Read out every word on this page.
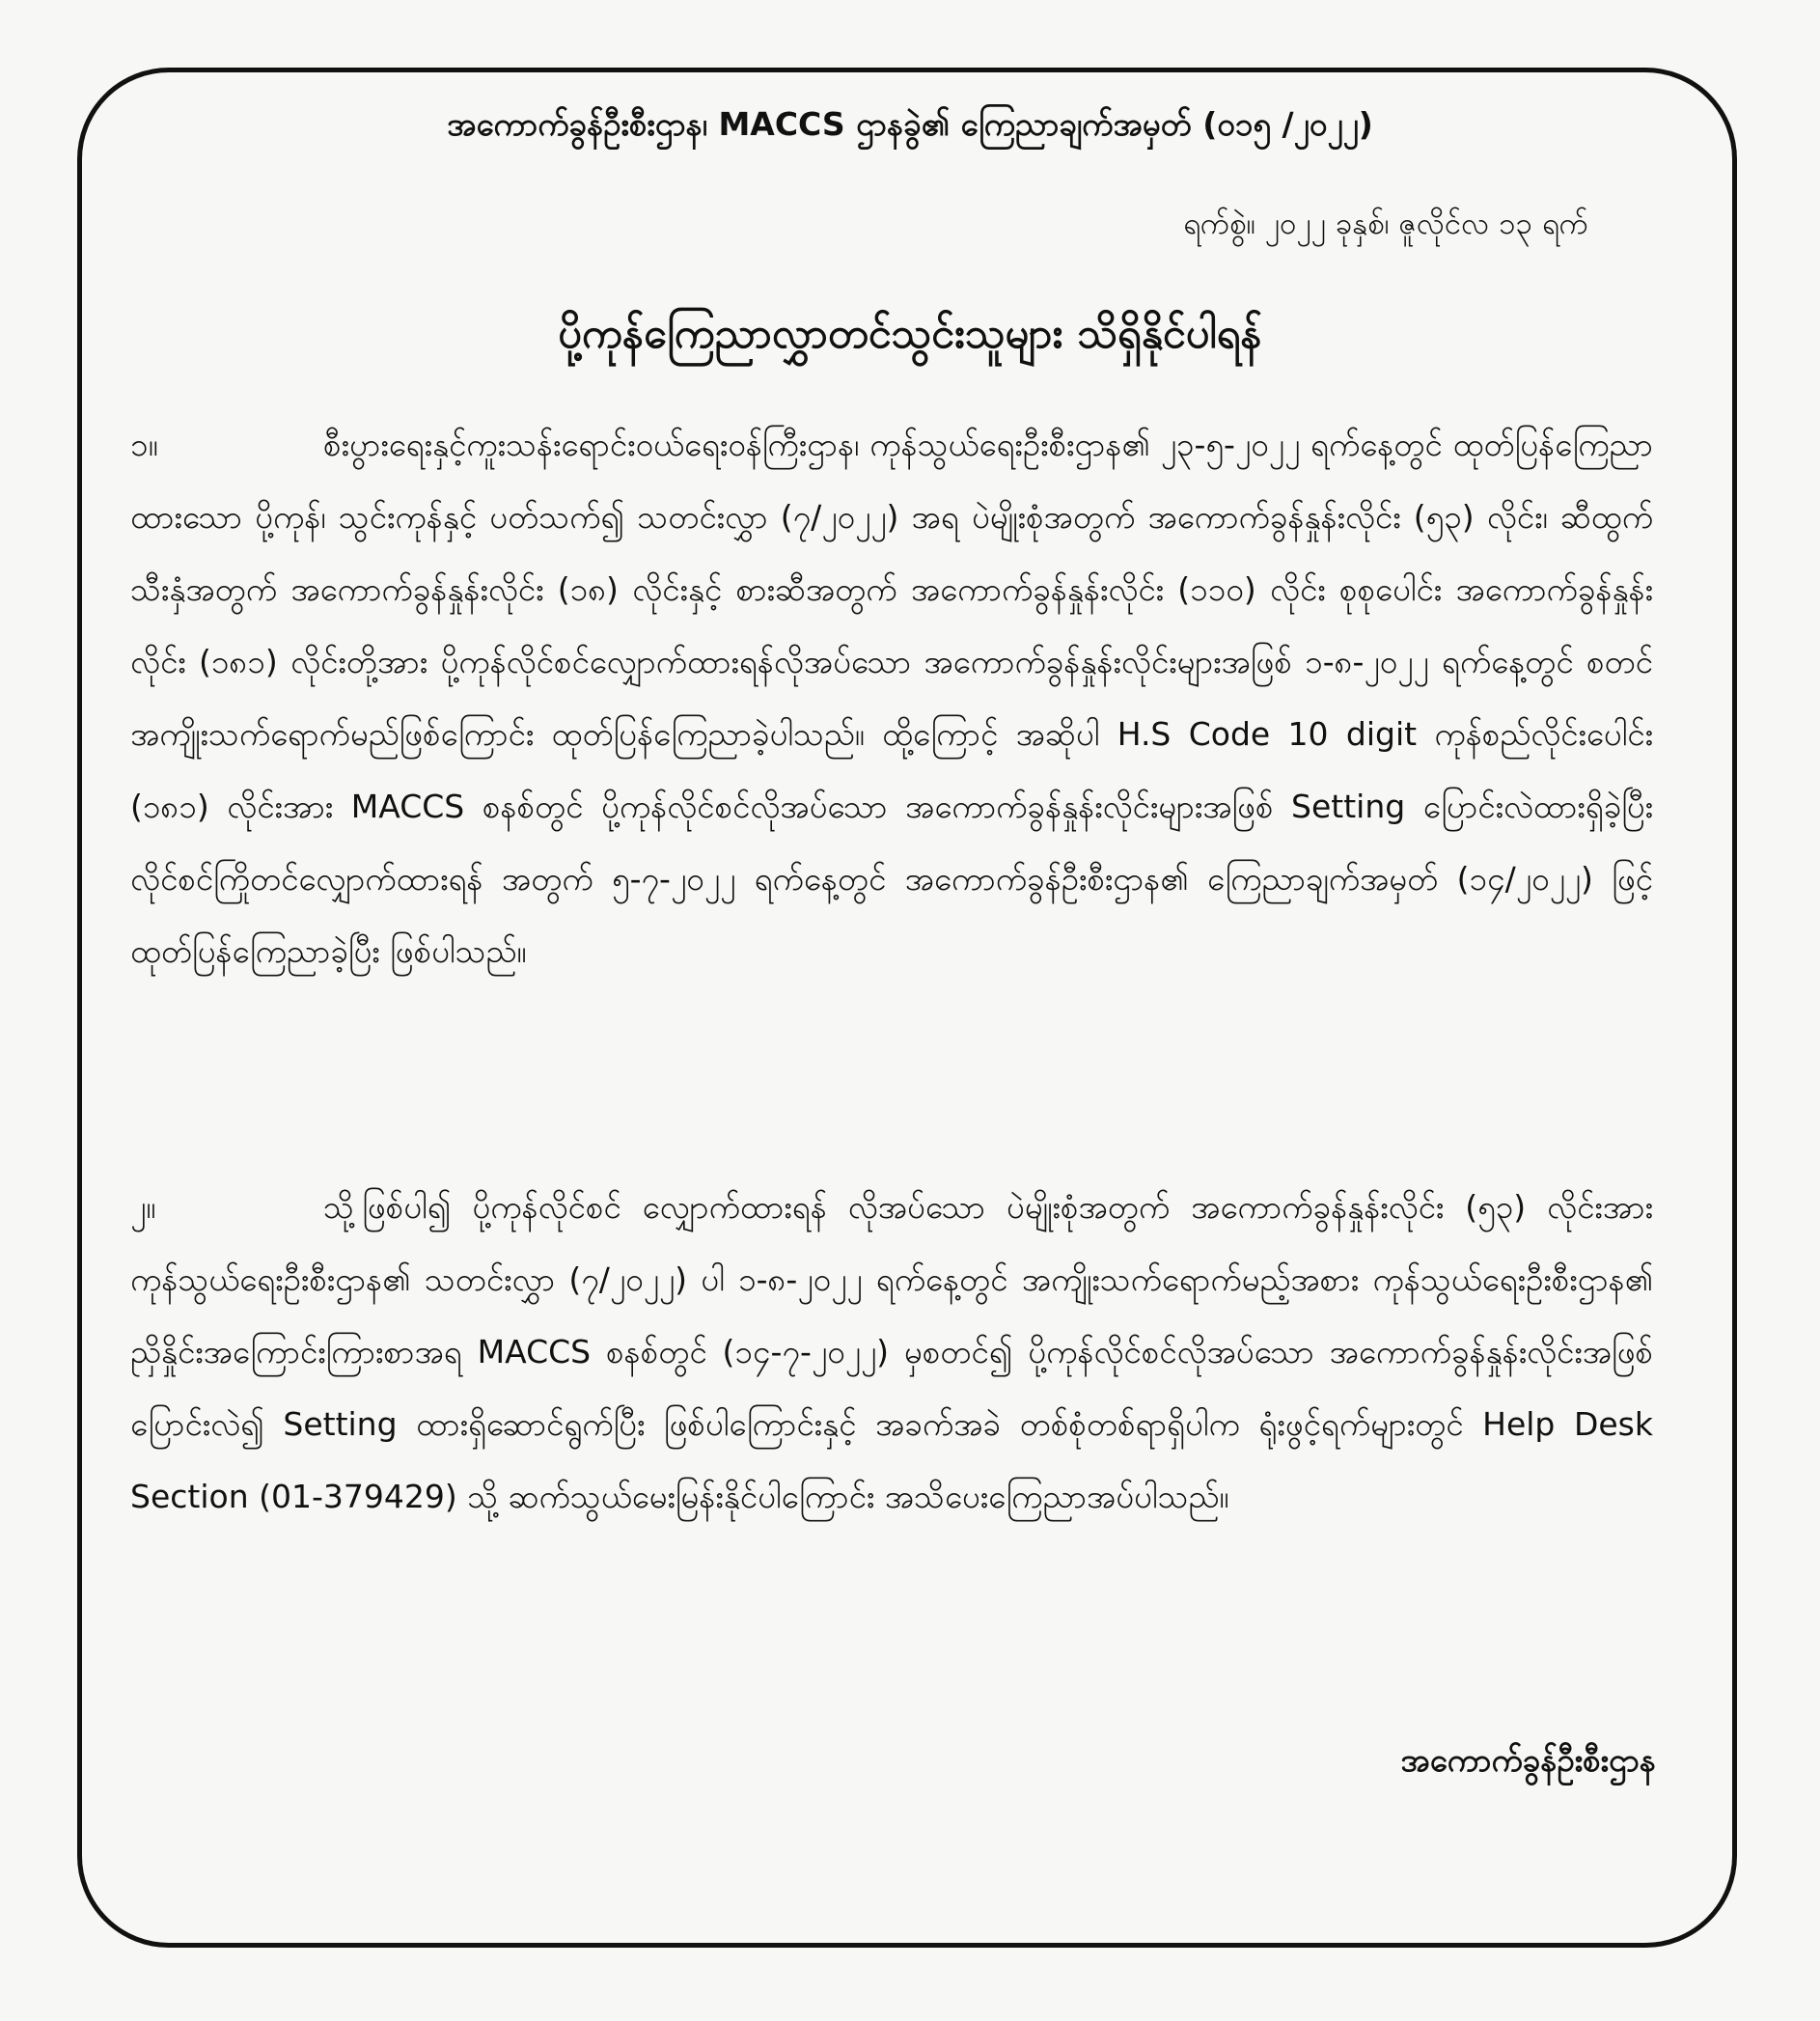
အကောက်ခွန်ဦးစီးဌာန၊ MACCS ဌာနခွဲ၏ ကြေညာချက်အမှတ် (၀၁၅ /၂၀၂၂)

ရက်စွဲ။ ၂၀၂၂ ခုနှစ်၊ ဇူလိုင်လ ၁၃ ရက်

ပို့ကုန်ကြေညာလွှာတင်သွင်းသူများ သိရှိနိုင်ပါရန်

၁။	စီးပွားရေးနှင့်ကူးသန်းရောင်းဝယ်ရေးဝန်ကြီးဌာန၊ ကုန်သွယ်ရေးဦးစီးဌာန၏ ၂၃-၅-၂၀၂၂ ရက်နေ့တွင် ထုတ်ပြန်ကြေညာထားသော ပို့ကုန်၊ သွင်းကုန်နှင့် ပတ်သက်၍ သတင်းလွှာ (၇/၂၀၂၂) အရ ပဲမျိုးစုံအတွက် အကောက်ခွန်နှုန်းလိုင်း (၅၃) လိုင်း၊ ဆီထွက်သီးနှံအတွက် အကောက်ခွန်နှုန်းလိုင်း (၁၈) လိုင်းနှင့် စားဆီအတွက် အကောက်ခွန်နှုန်းလိုင်း (၁၁၀) လိုင်း စုစုပေါင်း အကောက်ခွန်နှုန်းလိုင်း (၁၈၁) လိုင်းတို့အား ပို့ကုန်လိုင်စင်လျှောက်ထားရန်လိုအပ်သော အကောက်ခွန်နှုန်းလိုင်းများအဖြစ် ၁-၈-၂၀၂၂ ရက်နေ့တွင် စတင်အကျိုးသက်ရောက်မည်ဖြစ်ကြောင်း ထုတ်ပြန်ကြေညာခဲ့ပါသည်။ ထို့ကြောင့် အဆိုပါ H.S Code 10 digit ကုန်စည်လိုင်းပေါင်း (၁၈၁) လိုင်းအား MACCS စနစ်တွင် ပို့ကုန်လိုင်စင်လိုအပ်သော အကောက်ခွန်နှုန်းလိုင်းများအဖြစ် Setting ပြောင်းလဲထားရှိခဲ့ပြီး လိုင်စင်ကြိုတင်လျှောက်ထားရန် အတွက် ၅-၇-၂၀၂၂ ရက်နေ့တွင် အကောက်ခွန်ဦးစီးဌာန၏ ကြေညာချက်အမှတ် (၁၄/၂၀၂၂) ဖြင့် ထုတ်ပြန်ကြေညာခဲ့ပြီး ဖြစ်ပါသည်။

၂။	သို့ဖြစ်ပါ၍ ပို့ကုန်လိုင်စင် လျှောက်ထားရန် လိုအပ်သော ပဲမျိုးစုံအတွက် အကောက်ခွန်နှုန်းလိုင်း (၅၃) လိုင်းအား ကုန်သွယ်ရေးဦးစီးဌာန၏ သတင်းလွှာ (၇/၂၀၂၂) ပါ ၁-၈-၂၀၂၂ ရက်နေ့တွင် အကျိုးသက်ရောက်မည့်အစား ကုန်သွယ်ရေးဦးစီးဌာန၏ ညှိနှိုင်းအကြောင်းကြားစာအရ MACCS စနစ်တွင် (၁၄-၇-၂၀၂၂) မှစတင်၍ ပို့ကုန်လိုင်စင်လိုအပ်သော အကောက်ခွန်နှုန်းလိုင်းအဖြစ် ပြောင်းလဲ၍ Setting ထားရှိဆောင်ရွက်ပြီး ဖြစ်ပါကြောင်းနှင့် အခက်အခဲ တစ်စုံတစ်ရာရှိပါက ရုံးဖွင့်ရက်များတွင် Help Desk Section (01-379429) သို့ ဆက်သွယ်မေးမြန်းနိုင်ပါကြောင်း အသိပေးကြေညာအပ်ပါသည်။

အကောက်ခွန်ဦးစီးဌာန
